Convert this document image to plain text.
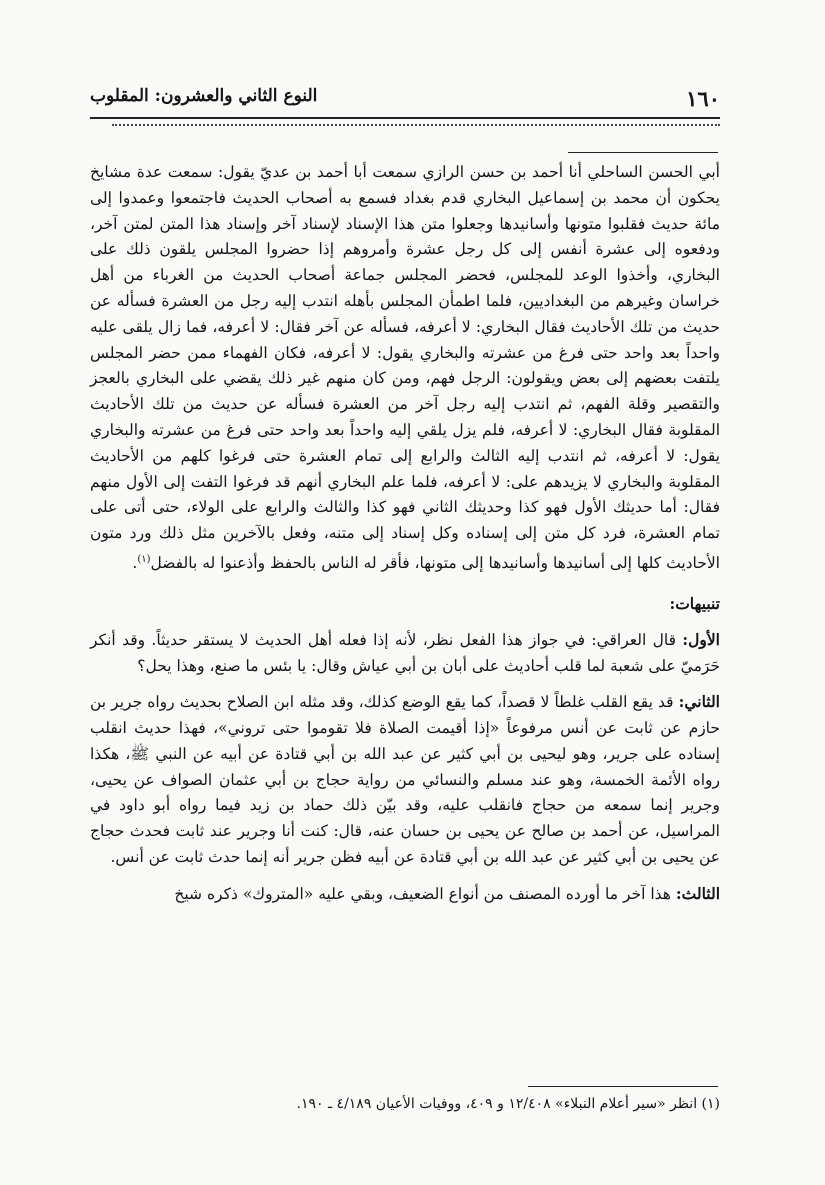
١٦٠
النوع الثاني والعشرون: المقلوب

أبي الحسن الساحلي أنا أحمد بن حسن الرازي سمعت أبا أحمد بن عديّ يقول: سمعت عدة مشايخ يحكون أن محمد بن إسماعيل البخاري قدم بغداد فسمع به أصحاب الحديث فاجتمعوا وعمدوا إلى مائة حديث فقلبوا متونها وأسانيدها وجعلوا متن هذا الإسناد لإسناد آخر وإسناد هذا المتن لمتن آخر، ودفعوه إلى عشرة أنفس إلى كل رجل عشرة وأمروهم إذا حضروا المجلس يلقون ذلك على البخاري، وأخذوا الوعد للمجلس، فحضر المجلس جماعة أصحاب الحديث من الغرباء من أهل خراسان وغيرهم من البغداديين، فلما اطمأن المجلس بأهله انتدب إليه رجل من العشرة فسأله عن حديث من تلك الأحاديث فقال البخاري: لا أعرفه، فسأله عن آخر فقال: لا أعرفه، فما زال يلقى عليه واحداً بعد واحد حتى فرغ من عشرته والبخاري يقول: لا أعرفه، فكان الفهماء ممن حضر المجلس يلتفت بعضهم إلى بعض ويقولون: الرجل فهم، ومن كان منهم غير ذلك يقضي على البخاري بالعجز والتقصير وقلة الفهم، ثم انتدب إليه رجل آخر من العشرة فسأله عن حديث من تلك الأحاديث المقلوبة فقال البخاري: لا أعرفه، فلم يزل يلقي إليه واحداً بعد واحد حتى فرغ من عشرته والبخاري يقول: لا أعرفه، ثم انتدب إليه الثالث والرابع إلى تمام العشرة حتى فرغوا كلهم من الأحاديث المقلوبة والبخاري لا يزيدهم على: لا أعرفه، فلما علم البخاري أنهم قد فرغوا التفت إلى الأول منهم فقال: أما حديثك الأول فهو كذا وحديثك الثاني فهو كذا والثالث والرابع على الولاء، حتى أتى على تمام العشرة، فرد كل متن إلى إسناده وكل إسناد إلى متنه، وفعل بالآخرين مثل ذلك ورد متون الأحاديث كلها إلى أسانيدها وأسانيدها إلى متونها، فأقر له الناس بالحفظ وأذعنوا له بالفضل$^{(١)}$.

تنبيهات:

الأول: قال العراقي: في جواز هذا الفعل نظر، لأنه إذا فعله أهل الحديث لا يستقر حديثاً. وقد أنكر حَرَميّ على شعبة لما قلب أحاديث على أبان بن أبي عياش وقال: يا بئس ما صنع، وهذا يحل؟

الثاني: قد يقع القلب غلطاً لا قصداً، كما يقع الوضع كذلك، وقد مثله ابن الصلاح بحديث رواه جرير بن حازم عن ثابت عن أنس مرفوعاً «إذا أقيمت الصلاة فلا تقوموا حتى تروني»، فهذا حديث انقلب إسناده على جرير، وهو ليحيى بن أبي كثير عن عبد الله بن أبي قتادة عن أبيه عن النبي ﷺ، هكذا رواه الأئمة الخمسة، وهو عند مسلم والنسائي من رواية حجاج بن أبي عثمان الصواف عن يحيى، وجرير إنما سمعه من حجاج فانقلب عليه، وقد بيّن ذلك حماد بن زيد فيما رواه أبو داود في المراسيل، عن أحمد بن صالح عن يحيى بن حسان عنه، قال: كنت أنا وجرير عند ثابت فحدث حجاج عن يحيى بن أبي كثير عن عبد الله بن أبي قتادة عن أبيه فظن جرير أنه إنما حدث ثابت عن أنس.

الثالث: هذا آخر ما أورده المصنف من أنواع الضعيف، وبقي عليه «المتروك» ذكره شيخ

(١) انظر «سير أعلام النبلاء» ١٢/٤٠٨ و ٤٠٩، ووفيات الأعيان ٤/١٨٩ ـ ١٩٠.
